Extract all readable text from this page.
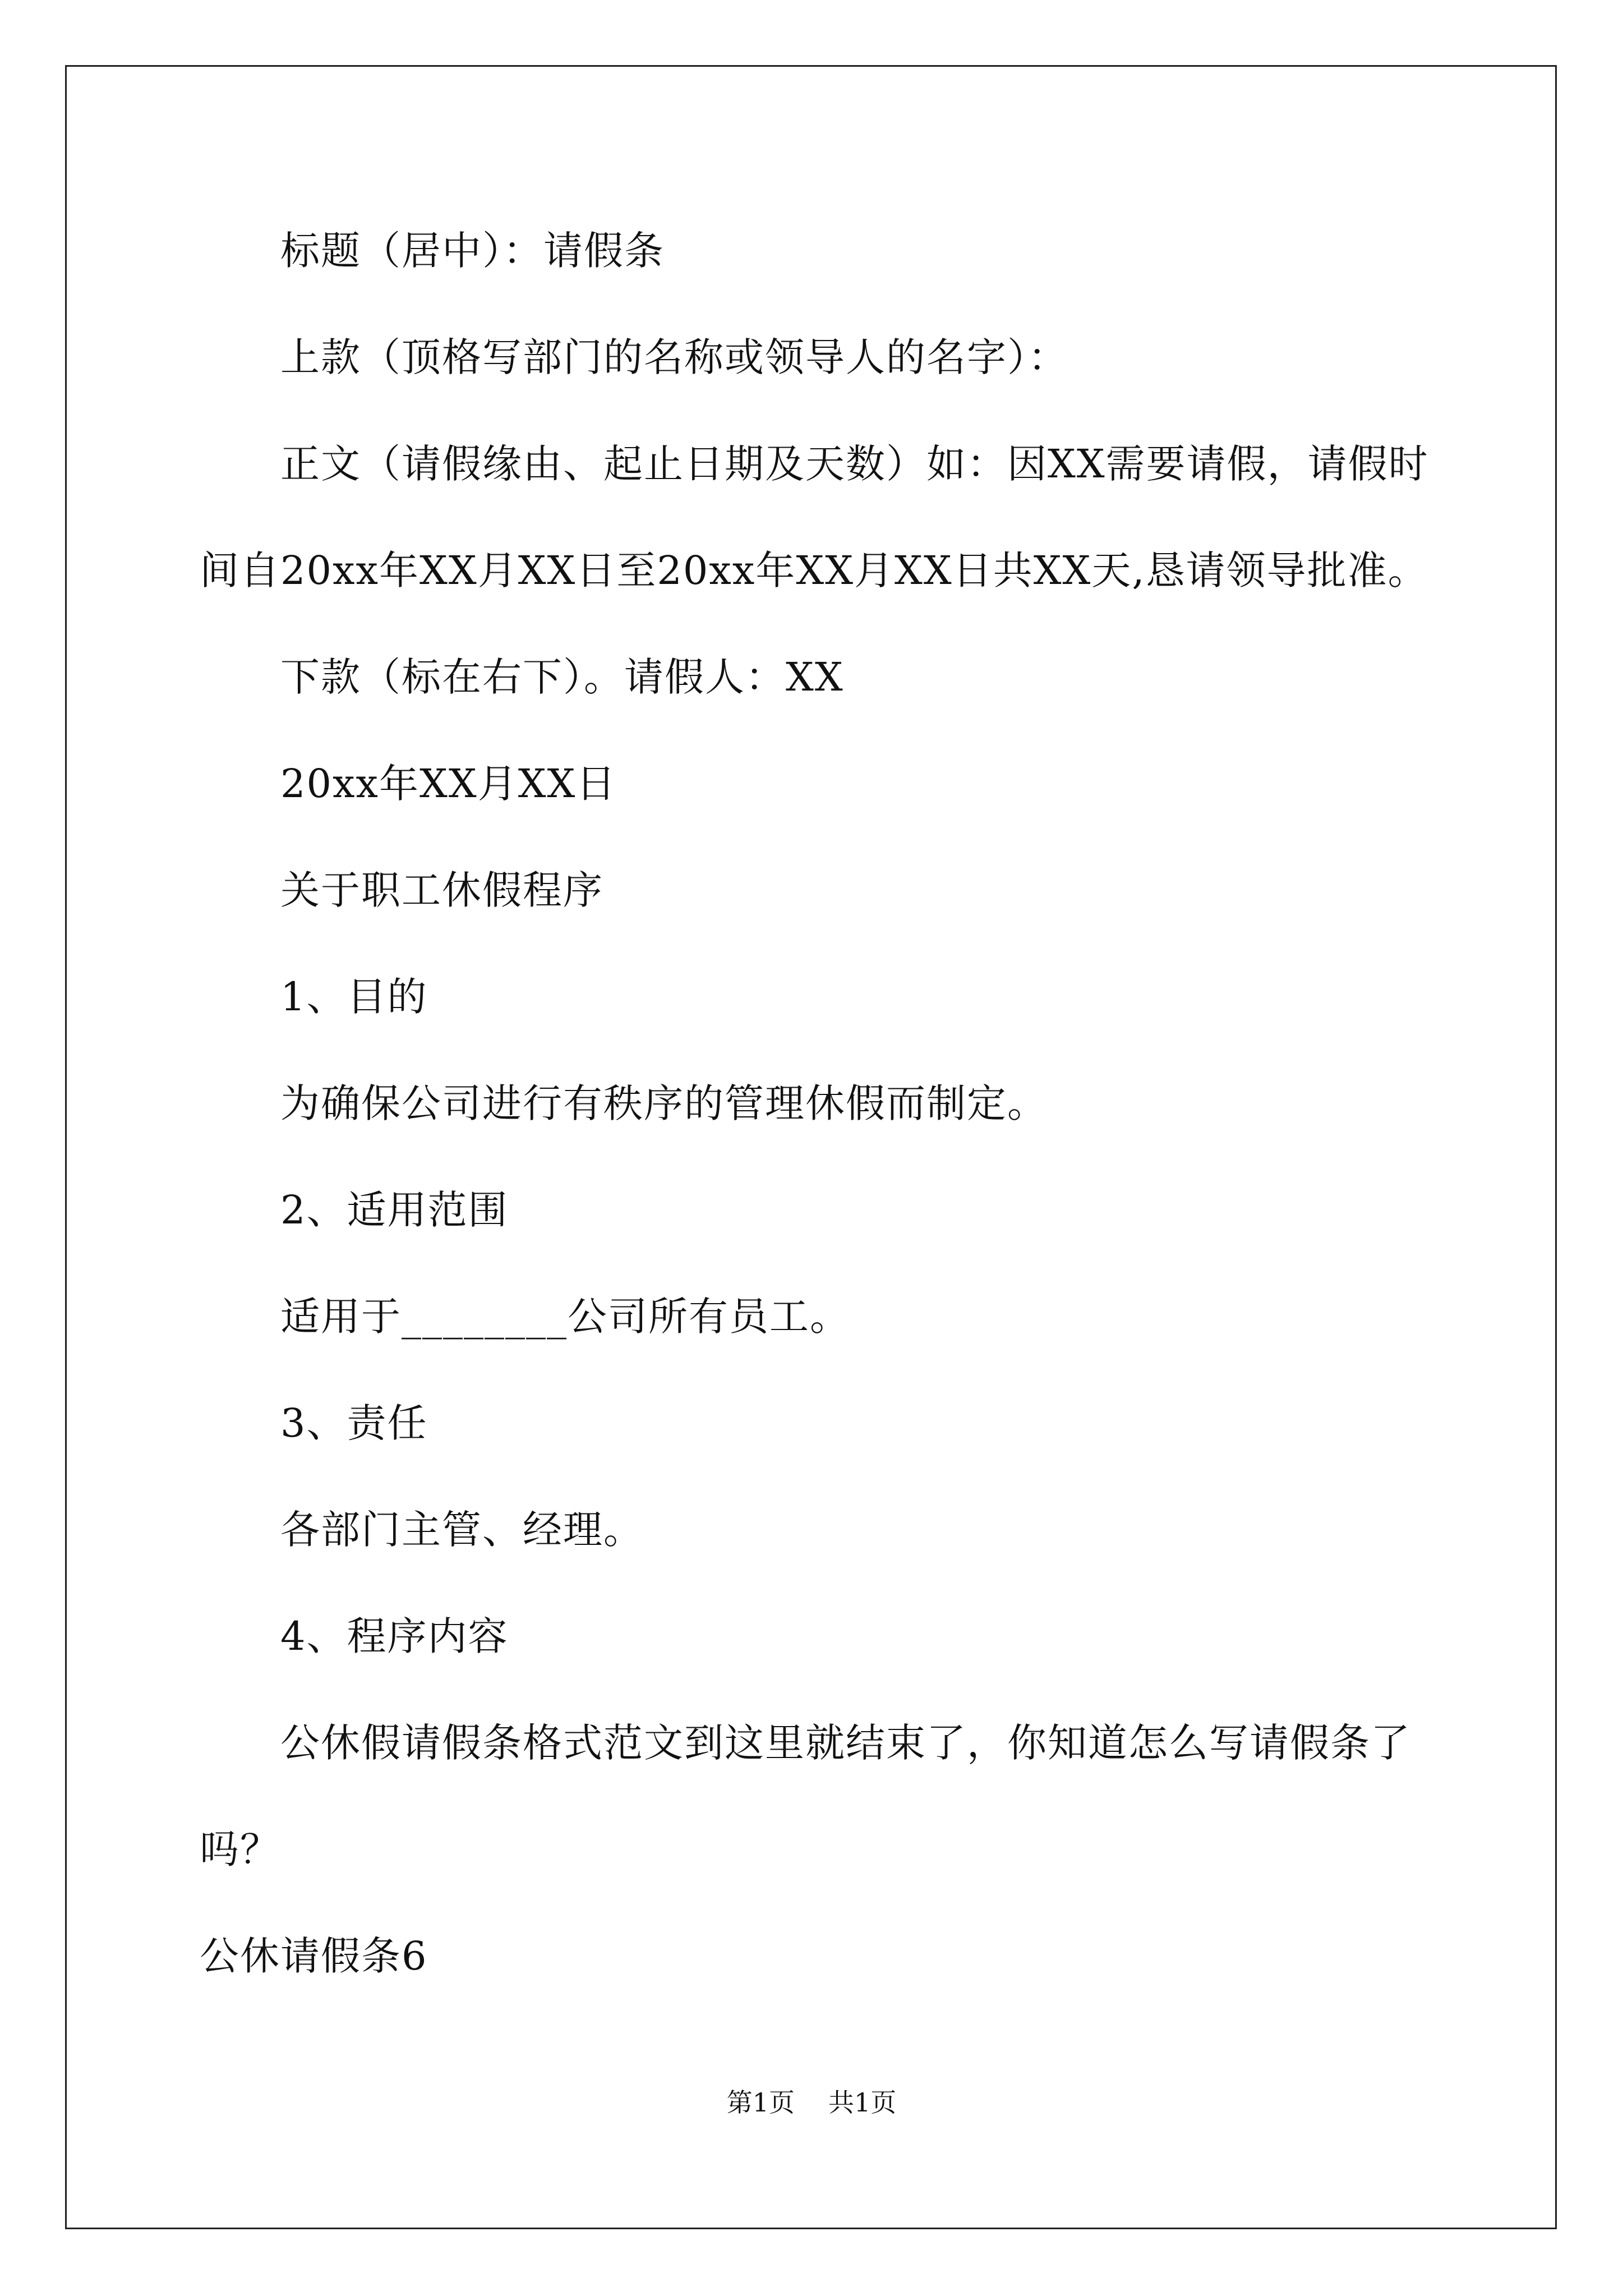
标题（居中）：请假条
上款（顶格写部门的名称或领导人的名字）：
正文（请假缘由、起止日期及天数）如：因XX需要请假，请假时
间自20xx年XX月XX日至20xx年XX月XX日共XX天,恳请领导批准。
下款（标在右下）。请假人：XX
20xx年XX月XX日
关于职工休假程序
1、目的
为确保公司进行有秩序的管理休假而制定。
2、适用范围
适用于________公司所有员工。
3、责任
各部门主管、经理。
4、程序内容
公休假请假条格式范文到这里就结束了，你知道怎么写请假条了
吗？
公休请假条6
第1页 共1页
